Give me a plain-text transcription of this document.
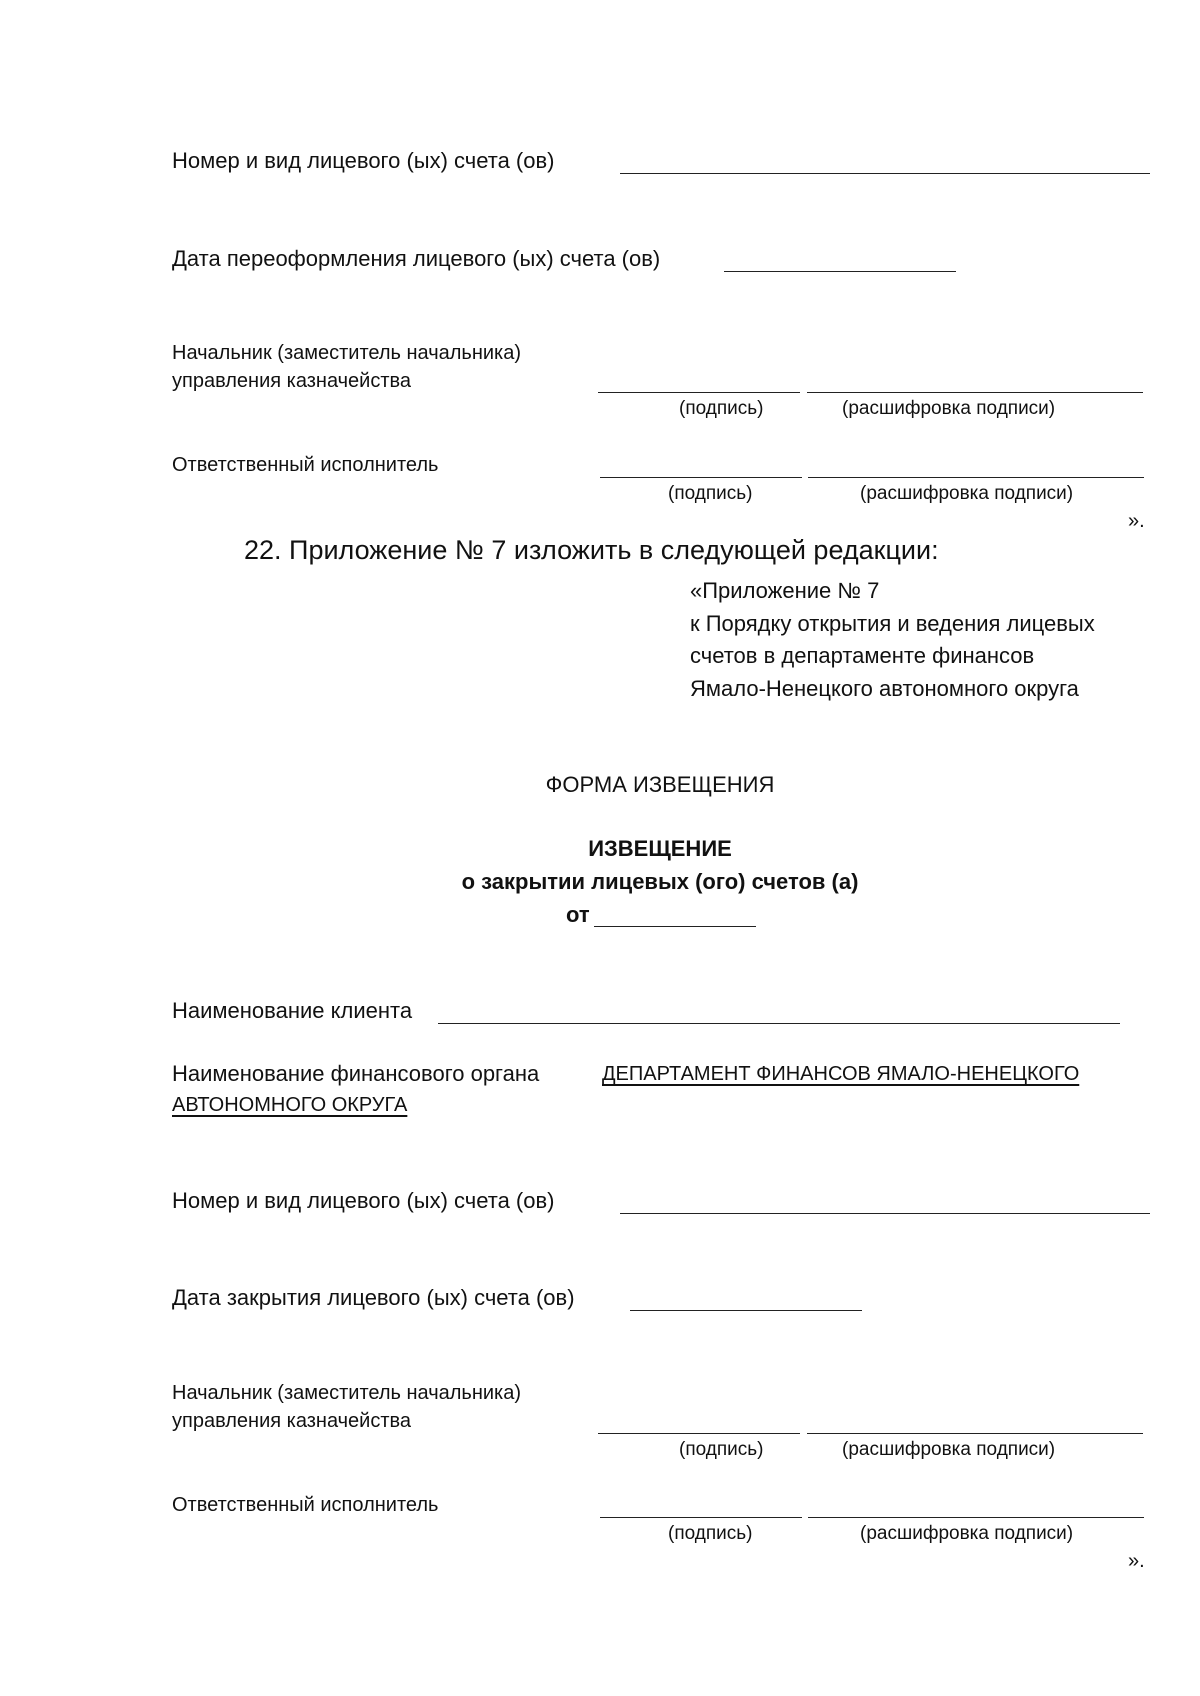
Номер и вид лицевого (ых) счета (ов)
Дата переоформления лицевого (ых) счета (ов)
Начальник (заместитель начальника)
управления казначейства
(подпись)	(расшифровка подписи)
Ответственный исполнитель
(подпись)	(расшифровка подписи)
».
22. Приложение № 7 изложить в следующей редакции:
«Приложение № 7
к Порядку открытия и ведения лицевых
счетов в департаменте финансов
Ямало-Ненецкого автономного округа
ФОРМА ИЗВЕЩЕНИЯ
ИЗВЕЩЕНИЕ
о закрытии лицевых (ого) счетов (а)
от
Наименование клиента
Наименование финансового органа	ДЕПАРТАМЕНТ ФИНАНСОВ ЯМАЛО-НЕНЕЦКОГО
АВТОНОМНОГО ОКРУГА
Номер и вид лицевого (ых) счета (ов)
Дата закрытия лицевого (ых) счета (ов)
Начальник (заместитель начальника)
управления казначейства
(подпись)	(расшифровка подписи)
Ответственный исполнитель
(подпись)	(расшифровка подписи)
».
